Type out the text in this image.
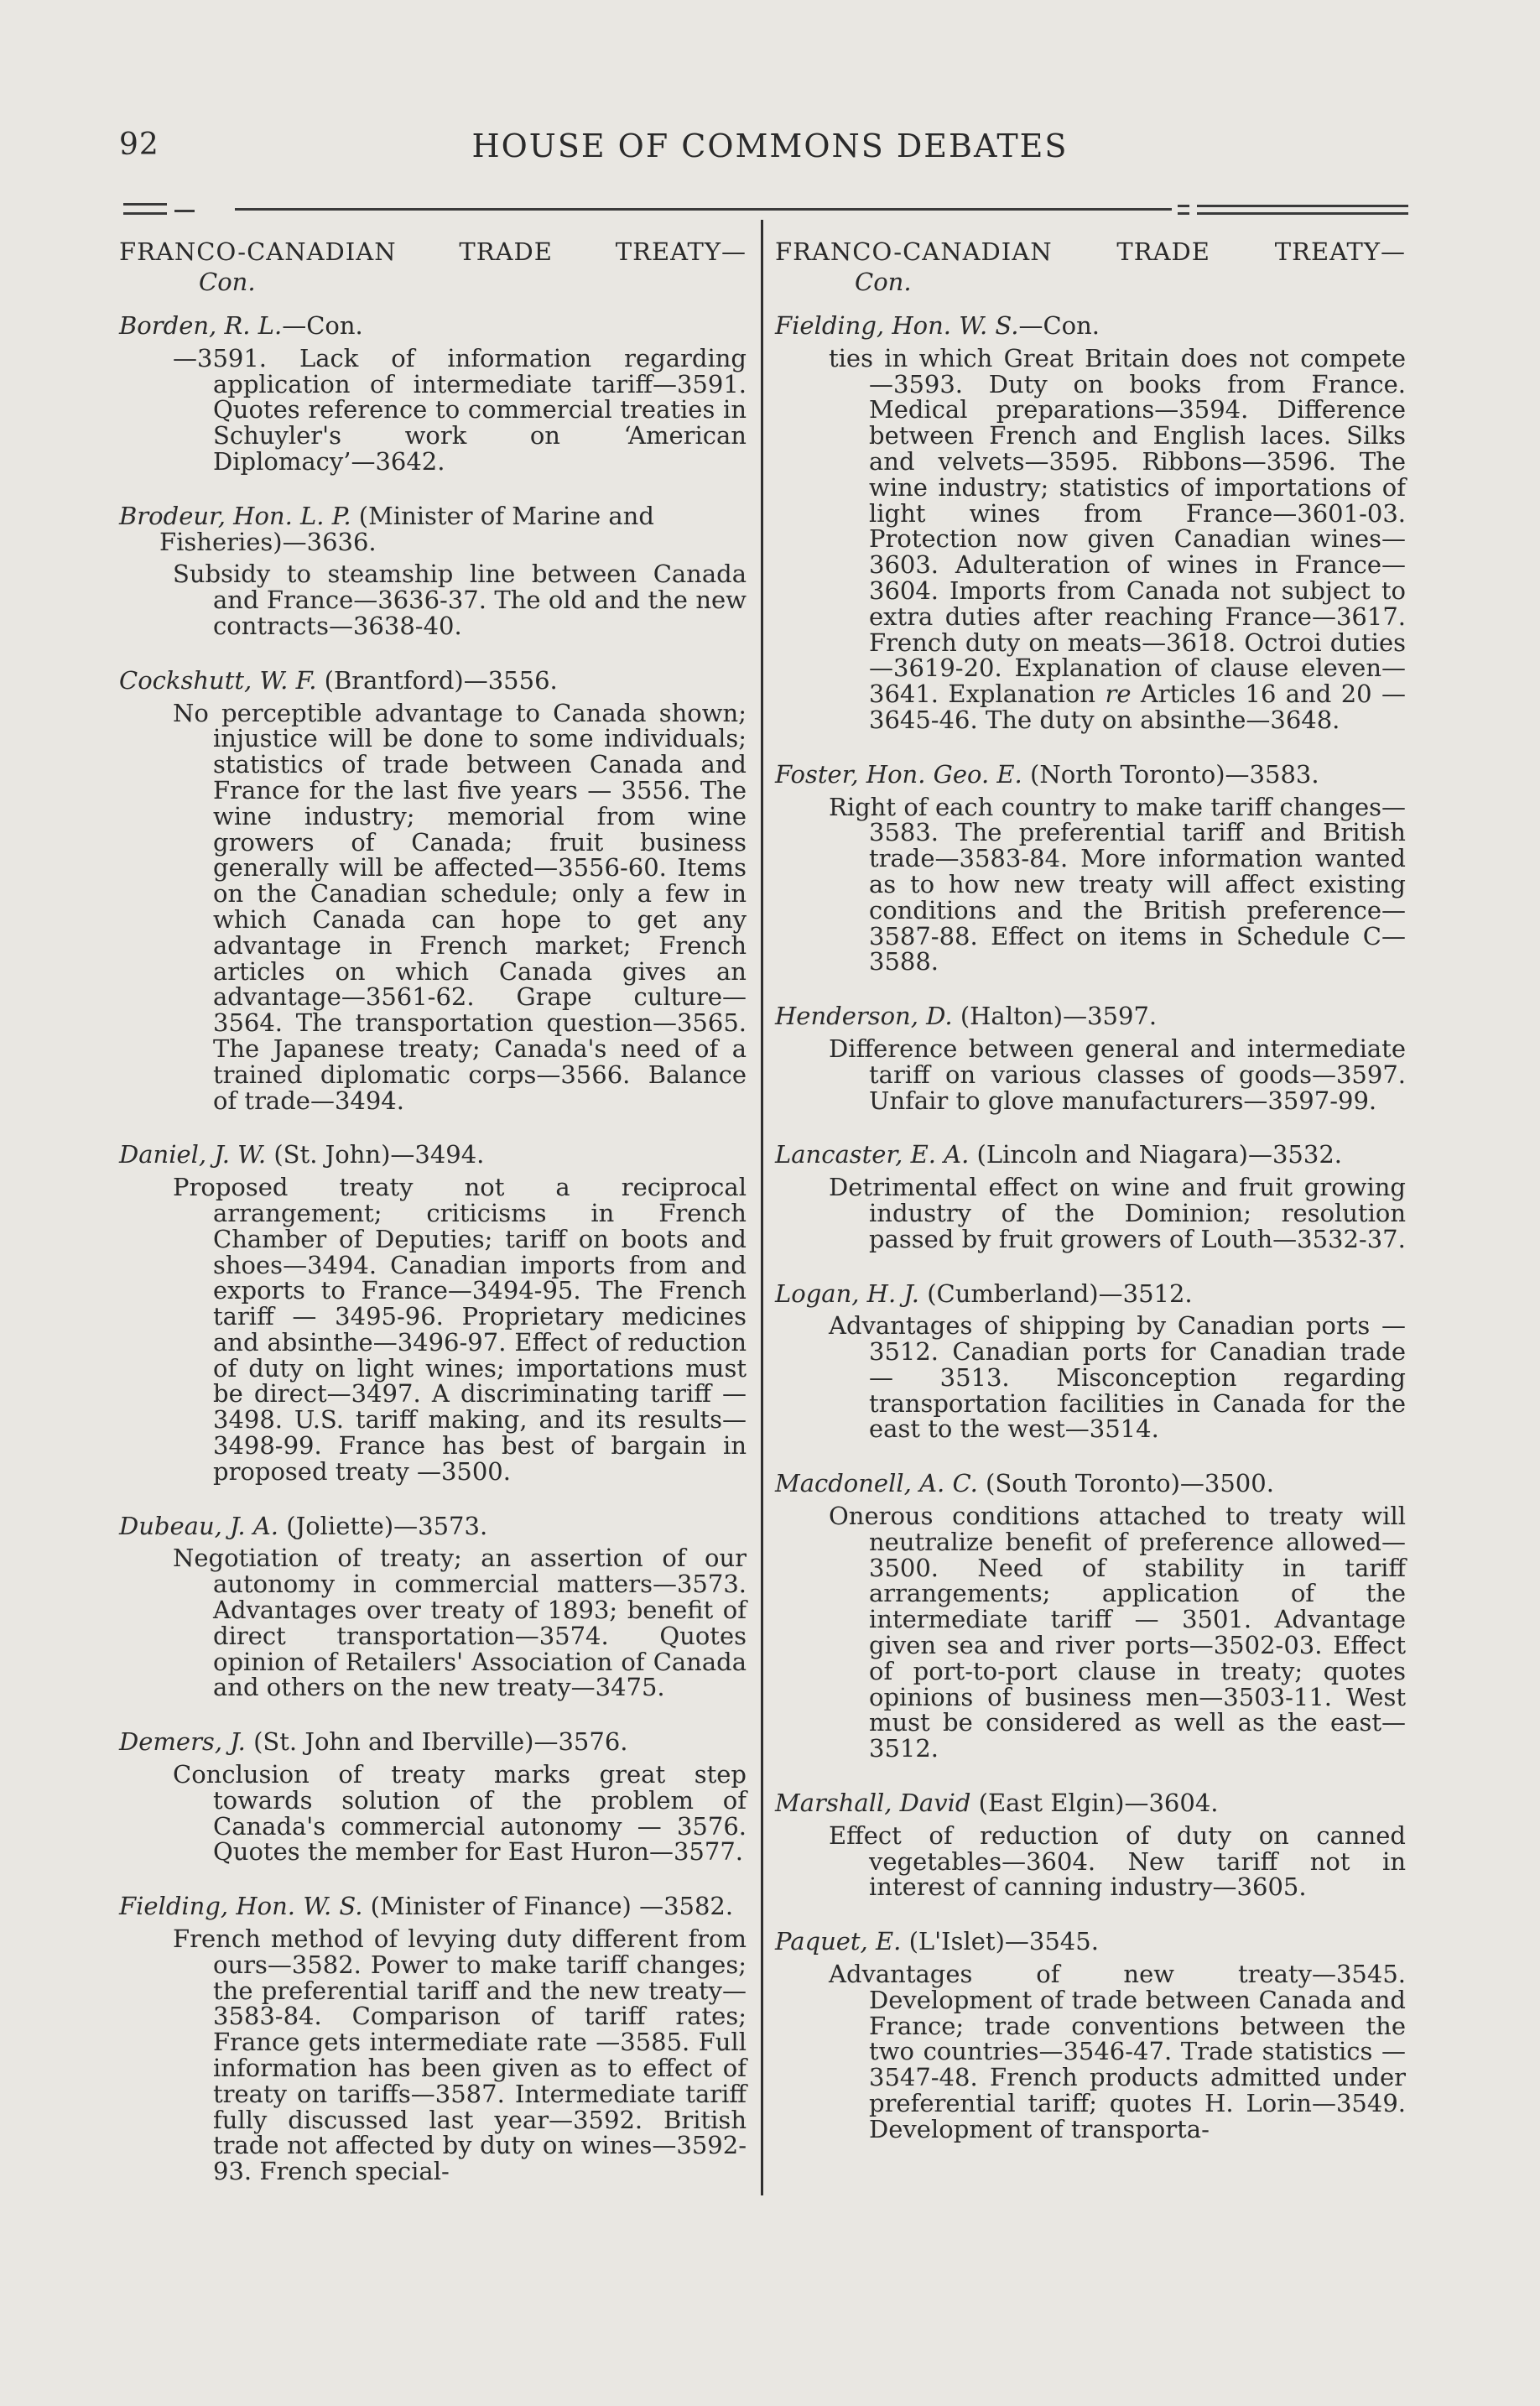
92	HOUSE OF COMMONS DEBATES
FRANCO-CANADIAN TRADE TREATY—
Con.

Borden, R. L.—Con.

—3591. Lack of information regarding application of intermediate tariff—3591. Quotes reference to commercial treaties in Schuyler's work on ‘American Diplomacy’—3642.

Brodeur, Hon. L. P. (Minister of Marine and Fisheries)—3636.

Subsidy to steamship line between Canada and France—3636-37. The old and the new contracts—3638-40.

Cockshutt, W. F. (Brantford)—3556.

No perceptible advantage to Canada shown; injustice will be done to some individuals; statistics of trade between Canada and France for the last five years — 3556. The wine industry; memorial from wine growers of Canada; fruit business generally will be affected—3556-60. Items on the Canadian schedule; only a few in which Canada can hope to get any advantage in French market; French articles on which Canada gives an advantage—3561-62. Grape culture—3564. The transportation question—3565. The Japanese treaty; Canada's need of a trained diplomatic corps—3566. Balance of trade—3494.

Daniel, J. W. (St. John)—3494.

Proposed treaty not a reciprocal arrangement; criticisms in French Chamber of Deputies; tariff on boots and shoes—3494. Canadian imports from and exports to France—3494-95. The French tariff — 3495-96. Proprietary medicines and absinthe—3496-97. Effect of reduction of duty on light wines; importations must be direct—3497. A discriminating tariff — 3498. U.S. tariff making, and its results—3498-99. France has best of bargain in proposed treaty —3500.

Dubeau, J. A. (Joliette)—3573.

Negotiation of treaty; an assertion of our autonomy in commercial matters—3573. Advantages over treaty of 1893; benefit of direct transportation—3574. Quotes opinion of Retailers' Association of Canada and others on the new treaty—3475.

Demers, J. (St. John and Iberville)—3576.

Conclusion of treaty marks great step towards solution of the problem of Canada's commercial autonomy — 3576. Quotes the member for East Huron—3577.

Fielding, Hon. W. S. (Minister of Finance) —3582.

French method of levying duty different from ours—3582. Power to make tariff changes; the preferential tariff and the new treaty—3583-84. Comparison of tariff rates; France gets intermediate rate —3585. Full information has been given as to effect of treaty on tariffs—3587. Intermediate tariff fully discussed last year—3592. British trade not affected by duty on wines—3592-93. French special-

FRANCO-CANADIAN TRADE TREATY—
Con.

Fielding, Hon. W. S.—Con.

ties in which Great Britain does not compete—3593. Duty on books from France. Medical preparations—3594. Difference between French and English laces. Silks and velvets—3595. Ribbons—3596. The wine industry; statistics of importations of light wines from France—3601-03. Protection now given Canadian wines—3603. Adulteration of wines in France—3604. Imports from Canada not subject to extra duties after reaching France—3617. French duty on meats—3618. Octroi duties—3619-20. Explanation of clause eleven—3641. Explanation re Articles 16 and 20 —3645-46. The duty on absinthe—3648.

Foster, Hon. Geo. E. (North Toronto)—3583.

Right of each country to make tariff changes—3583. The preferential tariff and British trade—3583-84. More information wanted as to how new treaty will affect existing conditions and the British preference—3587-88. Effect on items in Schedule C—3588.

Henderson, D. (Halton)—3597.

Difference between general and intermediate tariff on various classes of goods—3597. Unfair to glove manufacturers—3597-99.

Lancaster, E. A. (Lincoln and Niagara)—3532.

Detrimental effect on wine and fruit growing industry of the Dominion; resolution passed by fruit growers of Louth—3532-37.

Logan, H. J. (Cumberland)—3512.

Advantages of shipping by Canadian ports —3512. Canadian ports for Canadian trade — 3513. Misconception regarding transportation facilities in Canada for the east to the west—3514.

Macdonell, A. C. (South Toronto)—3500.

Onerous conditions attached to treaty will neutralize benefit of preference allowed—3500. Need of stability in tariff arrangements; application of the intermediate tariff — 3501. Advantage given sea and river ports—3502-03. Effect of port-to-port clause in treaty; quotes opinions of business men—3503-11. West must be considered as well as the east—3512.

Marshall, David (East Elgin)—3604.

Effect of reduction of duty on canned vegetables—3604. New tariff not in interest of canning industry—3605.

Paquet, E. (L'Islet)—3545.

Advantages of new treaty—3545. Development of trade between Canada and France; trade conventions between the two countries—3546-47. Trade statistics — 3547-48. French products admitted under preferential tariff; quotes H. Lorin—3549. Development of transporta-
